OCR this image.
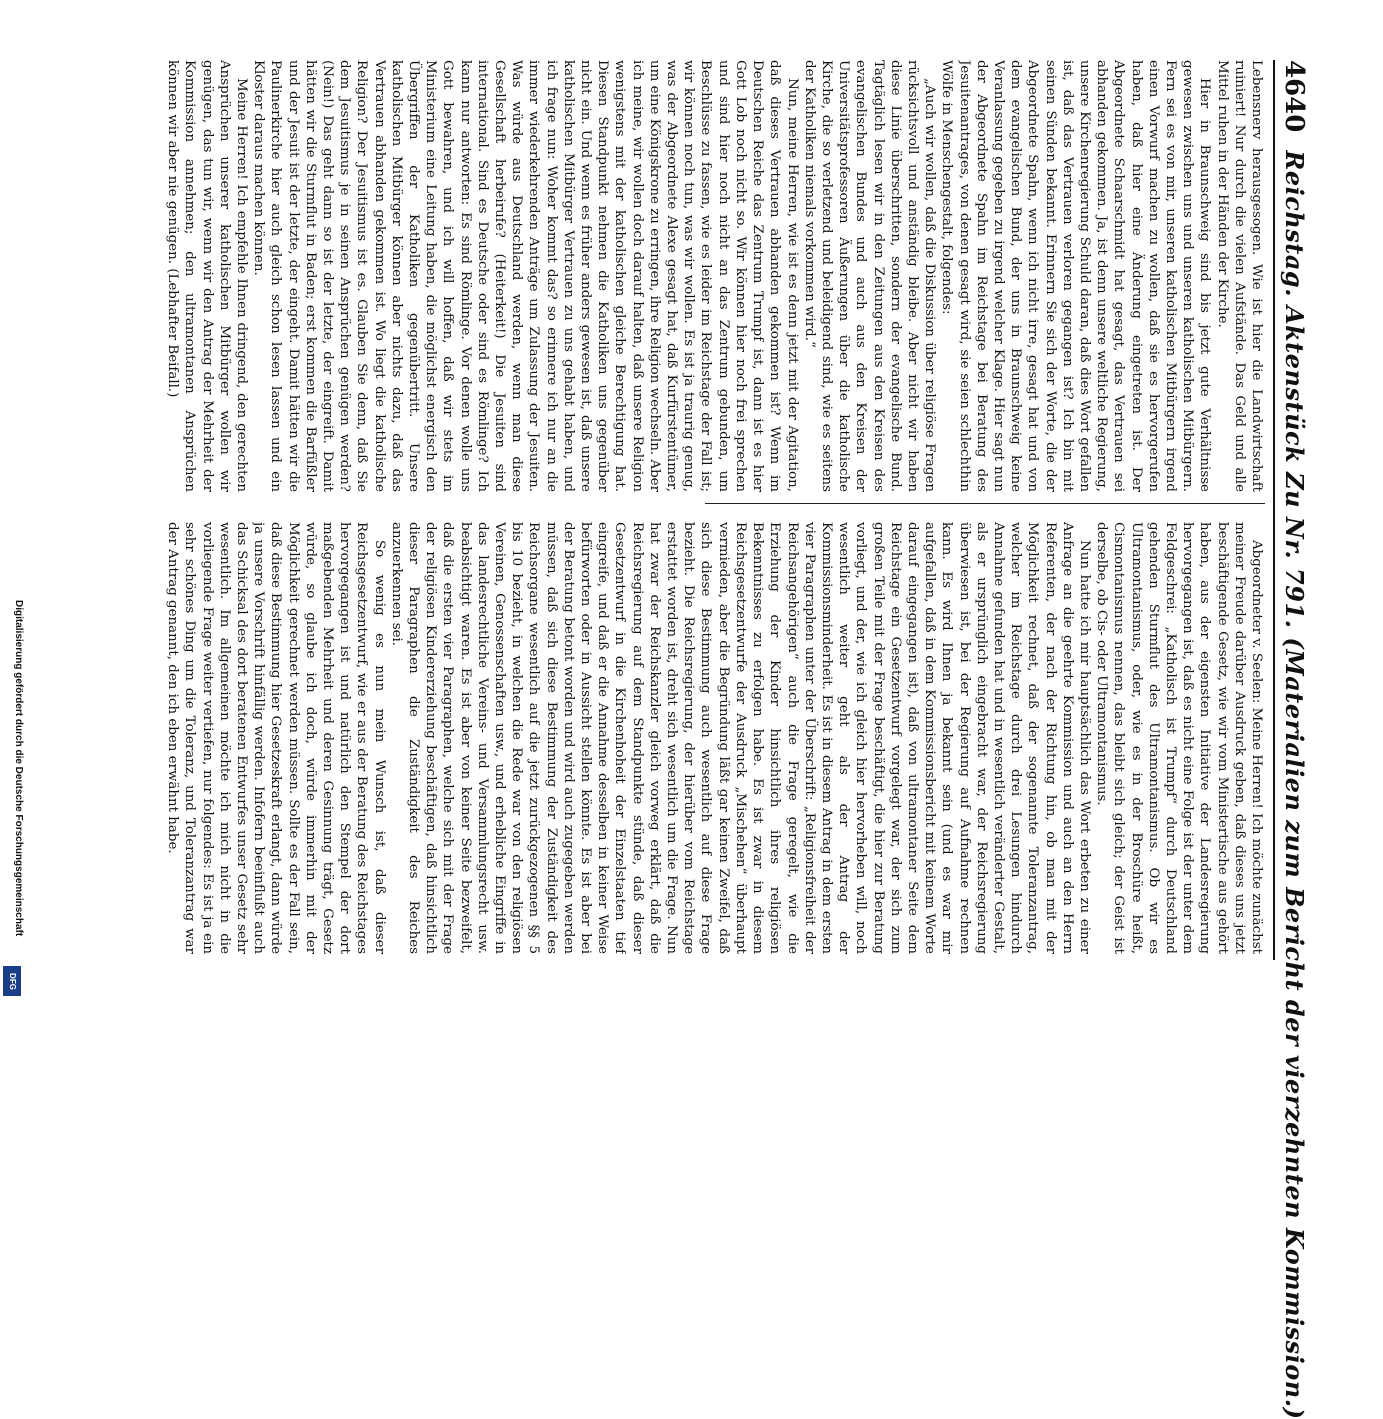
4640
Reichstag. Aktenstück Zu Nr. 791. (Materialien zum Bericht der vierzehnten Kommission.)

Lebensnerv herausgesogen. Wie ist hier die Landwirtschaft ruiniert! Nur durch die vielen Aufstände. Das Geld und alle Mittel ruhen in der Händen der Kirche.

Hier in Braunschweig sind bis jetzt gute Verhältnisse gewesen zwischen uns und unseren katholischen Mitbürgern. Fern sei es von mir, unseren katholischen Mitbürgern irgend einen Vorwurf machen zu wollen, daß sie es hervorgerufen haben, daß hier eine Änderung eingetreten ist. Der Abgeordnete Schaarschmidt hat gesagt, das Vertrauen sei abhanden gekommen. Ja, ist denn unsere weltliche Regierung, unsere Kirchenregierung Schuld daran, daß dies Wort gefallen ist, daß das Vertrauen verloren gegangen ist? Ich bin mit seinen Sünden bekannt. Erinnern Sie sich der Worte, die der Abgeordnete Spahn, wenn ich nicht irre, gesagt hat und von dem evangelischen Bund, der uns in Braunschweig keine Veranlassung gegeben zu irgend welcher Klage. Hier sagt nun der Abgeordnete Spahn im Reichstage bei Beratung des Jesuitenantrages, von denen gesagt wird, sie seien schlechthin Wölfe in Menschengestalt, folgendes:

„Auch wir wollen, daß die Diskussion über religiöse Fragen rücksichtsvoll und anständig bleibe. Aber nicht wir haben diese Linie überschritten, sondern der evangelische Bund. Tagtäglich lesen wir in den Zeitungen aus den Kreisen des evangelischen Bundes und auch aus den Kreisen der Universitätsprofessoren Äußerungen über die katholische Kirche, die so verletzend und beleidigend sind, wie es seitens der Katholiken niemals vorkommen wird.“

Nun, meine Herren, wie ist es denn jetzt mit der Agitation, daß dieses Vertrauen abhanden gekommen ist? Wenn im Deutschen Reiche das Zentrum Trumpf ist, dann ist es hier Gott Lob noch nicht so. Wir können hier noch frei sprechen und sind hier noch nicht an das Zentrum gebunden, um Beschlüsse zu fassen, wie es leider im Reichstage der Fall ist; wir können noch tun, was wir wollen. Es ist ja traurig genug, was der Abgeordnete Alexe gesagt hat, daß Kurfürstentümer, um eine Königskrone zu erringen, ihre Religion wechseln. Aber ich meine, wir wollen doch darauf halten, daß unsere Religion wenigstens mit der katholischen gleiche Berechtigung hat. Diesen Standpunkt nehmen die Katholiken uns gegenüber nicht ein. Und wenn es früher anders gewesen ist, daß unsere katholischen Mitbürger Vertrauen zu uns gehabt haben, und ich frage nun: Woher kommt das? so erinnere ich nur an die immer wiederkehrenden Anträge um Zulassung der Jesuiten. Was würde aus Deutschland werden, wenn man diese Gesellschaft herbeirufe? (Heiterkeit!) Die Jesuiten sind international. Sind es Deutsche oder sind es Römlinge? Ich kann nur antworten: Es sind Römlinge. Vor denen wolle uns Gott bewahren, und ich will hoffen, daß wir stets im Ministerium eine Leitung haben, die möglichst energisch den Übergriffen der Katholiken gegenübertritt. Unsere katholischen Mitbürger können aber nichts dazu, daß das Vertrauen abhanden gekommen ist. Wo liegt die katholische Religion? Der Jesuitismus ist es. Glauben Sie denn, daß Sie dem Jesuitismus je in seinen Ansprüchen genügen werden? (Nein!) Das geht dann so ist der letzte, der eingreift. Damit hätten wir die Sturmflut in Baden; erst kommen die Barfüßler und der Jesuit ist der letzte, der eingeht. Damit hätten wir die Paulinerkirche hier auch gleich schon lesen lassen und ein Kloster daraus machen können.

Meine Herren! Ich empfehle Ihnen dringend, den gerechten Ansprüchen unserer katholischen Mitbürger wollen wir genügen, das tun wir, wenn wir den Antrag der Mehrheit der Kommission annehmen; den ultramontanen Ansprüchen können wir aber nie genügen. (Lebhafter Beifall.)

Abgeordneter v. Seelen: Meine Herren! Ich möchte zunächst meiner Freude darüber Ausdruck geben, daß dieses uns jetzt beschäftigende Gesetz, wie wir vom Ministertische aus gehört haben, aus der eigensten Initiative der Landesregierung hervorgegangen ist, daß es nicht eine Folge ist der unter dem Feldgeschrei: „Katholisch ist Trumpf“ durch Deutschland gehenden Sturmflut des Ultramontanismus. Ob wir es Ultramontanismus, oder, wie es in der Broschüre heißt, Cismontanismus nennen, das bleibt sich gleich; der Geist ist derselbe, ob Cis- oder Ultramontanismus.

Nun hatte ich mir hauptsächlich das Wort erbeten zu einer Anfrage an die geehrte Kommission und auch an den Herrn Referenten, der nach der Richtung hin, ob man mit der Möglichkeit rechnet, daß der sogenannte Toleranzantrag, welcher im Reichstage durch drei Lesungen hindurch Annahme gefunden hat und in wesentlich veränderter Gestalt, als er ursprünglich eingebracht war, der Reichsregierung überwiesen ist, bei der Regierung auf Aufnahme rechnen kann. Es wird Ihnen ja bekannt sein (und es war mir aufgefallen, daß in dem Kommissionsbericht mit keinem Worte darauf eingegangen ist), daß von ultramontaner Seite dem Reichstage ein Gesetzentwurf vorgelegt war, der sich zum großen Teile mit der Frage beschäftigt, die hier zur Beratung vorliegt, und der, wie ich gleich hier hervorheben will, noch wesentlich weiter geht als der Antrag der Kommissionsminderheit. Es ist in diesem Antrag in dem ersten vier Paragraphen unter der Überschrift: „Religionsfreiheit der Reichsangehörigen“ auch die Frage geregelt, wie die Erziehung der Kinder hinsichtlich ihres religiösen Bekenntnisses zu erfolgen habe. Es ist zwar in diesem Reichsgesetzentwurfe der Ausdruck „Mischehen“ überhaupt vermieden, aber die Begründung läßt gar keinen Zweifel, daß sich diese Bestimmung auch wesentlich auf diese Frage bezieht. Die Reichsregierung, der hierüber vom Reichstage erstattet worden ist, dreht sich wesentlich um die Frage. Nun hat zwar der Reichskanzler gleich vorweg erklärt, daß die Reichsregierung auf dem Standpunkte stünde, daß dieser Gesetzentwurf in die Kirchenhoheit der Einzelstaaten tief eingreife, und daß er die Annahme desselben in keiner Weise befürworten oder in Aussicht stellen könnte. Es ist aber bei der Beratung betont worden und wird auch zugegeben werden müssen, daß sich diese Bestimmung der Zuständigkeit des Reichsorgane wesentlich auf die jetzt zurückgezogenen §§ 5 bis 10 bezieht, in welchen die Rede war von den religiösen Vereinen, Genossenschaften usw., und erhebliche Eingriffe in das landesrechtliche Vereins- und Versammlungsrecht usw. beabsichtigt waren. Es ist aber von keiner Seite bezweifelt, daß die ersten vier Paragraphen, welche sich mit der Frage der religiösen Kindererziehung beschäftigen, daß hinsichtlich dieser Paragraphen die Zuständigkeit des Reiches anzuerkennen sei.

So wenig es nun mein Wunsch ist, daß dieser Reichsgesetzentwurf, wie er aus der Beratung des Reichstages hervorgegangen ist und natürlich den Stempel der dort maßgebenden Mehrheit und deren Gesinnung trägt, Gesetz würde, so glaube ich doch, würde immerhin mit der Möglichkeit gerechnet werden müssen. Sollte es der Fall sein, daß diese Bestimmung hier Gesetzeskraft erlangt, dann würde ja unsere Vorschrift hinfällig werden. Infofern beeinflußt auch das Schicksal des dort beratenen Entwurfes unser Gesetz sehr wesentlich. Im allgemeinen möchte ich mich nicht in die vorliegende Frage weiter vertiefen, nur folgendes: Es ist ja ein sehr schönes Ding um die Toleranz, und Toleranzantrag war der Antrag genannt, den ich eben erwähnt habe.

Digitalisierung gefördert durch die Deutsche Forschungsgemeinschaft
DFG
